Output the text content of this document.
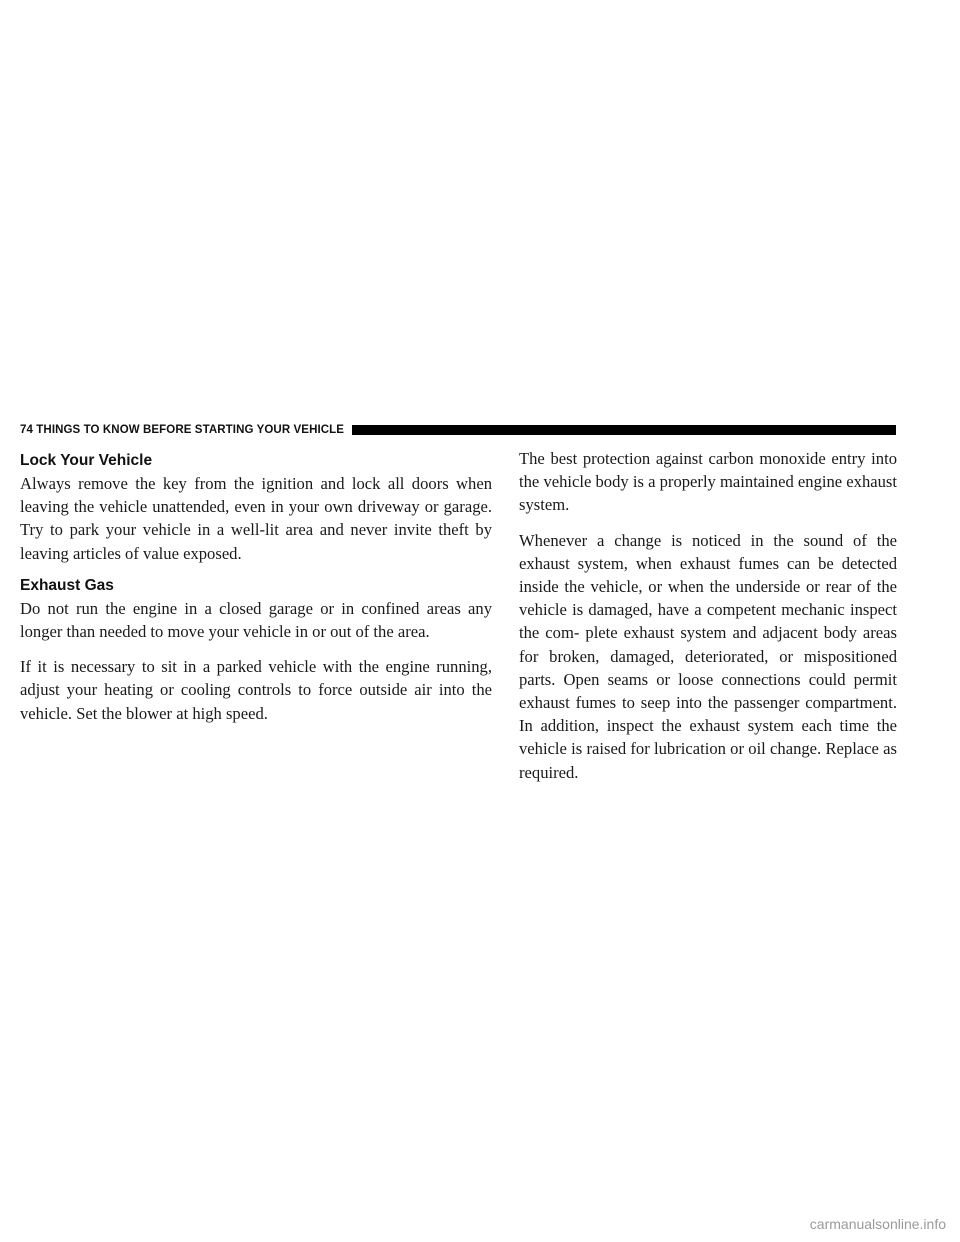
74 THINGS TO KNOW BEFORE STARTING YOUR VEHICLE
Lock Your Vehicle

Always remove the key from the ignition and lock all doors when leaving the vehicle unattended, even in your own driveway or garage. Try to park your vehicle in a well-lit area and never invite theft by leaving articles of value exposed.

Exhaust Gas

Do not run the engine in a closed garage or in confined areas any longer than needed to move your vehicle in or out of the area.

If it is necessary to sit in a parked vehicle with the engine running, adjust your heating or cooling controls to force outside air into the vehicle. Set the blower at high speed.

The best protection against carbon monoxide entry into the vehicle body is a properly maintained engine exhaust system.

Whenever a change is noticed in the sound of the exhaust system, when exhaust fumes can be detected inside the vehicle, or when the underside or rear of the vehicle is damaged, have a competent mechanic inspect the com- plete exhaust system and adjacent body areas for broken, damaged, deteriorated, or mispositioned parts. Open seams or loose connections could permit exhaust fumes to seep into the passenger compartment. In addition, inspect the exhaust system each time the vehicle is raised for lubrication or oil change. Replace as required.

carmanualsonline.info
